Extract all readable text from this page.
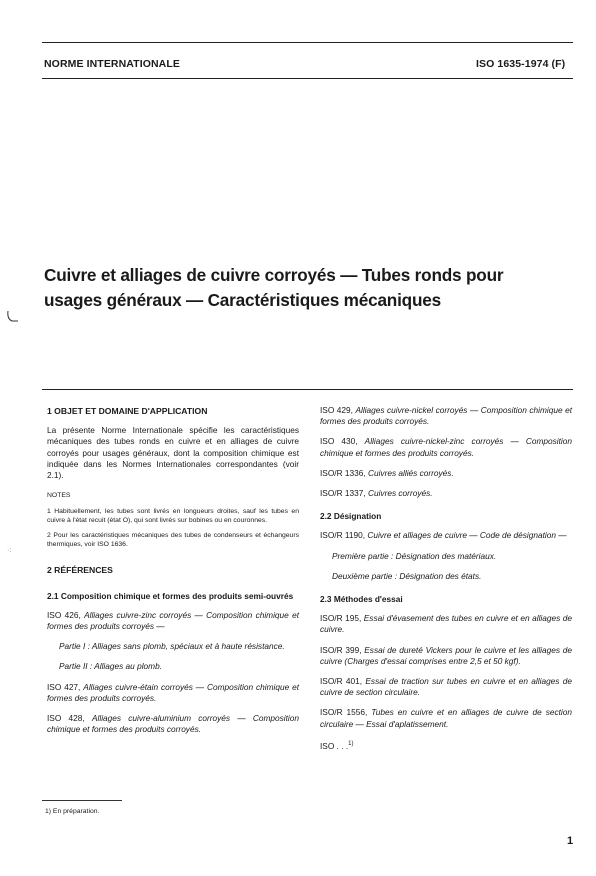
NORME INTERNATIONALE	ISO 1635-1974 (F)
Cuivre et alliages de cuivre corroyés — Tubes ronds pour
usages généraux — Caractéristiques mécaniques
·:
1 OBJET ET DOMAINE D'APPLICATION

La présente Norme Internationale spécifie les caractéristiques mécaniques des tubes ronds en cuivre et en alliages de cuivre corroyés pour usages généraux, dont la composition chimique est indiquée dans les Normes Internationales correspondantes (voir 2.1).

NOTES

1 Habituellement, les tubes sont livrés en longueurs droites, sauf les tubes en cuivre à l'état recuit (état O), qui sont livrés sur bobines ou en couronnes.

2 Pour les caractéristiques mécaniques des tubes de condenseurs et échangeurs thermiques, voir ISO 1636.

2 RÉFÉRENCES
2.1 Composition chimique et formes des produits semi-ouvrés

ISO 426, Alliages cuivre-zinc corroyés — Composition chimique et formes des produits corroyés —

Partie I : Alliages sans plomb, spéciaux et à haute résistance.

Partie II : Alliages au plomb.

ISO 427, Alliages cuivre-étain corroyés — Composition chimique et formes des produits corroyés.

ISO 428, Alliages cuivre-aluminium corroyés — Composition chimique et formes des produits corroyés.

ISO 429, Alliages cuivre-nickel corroyés — Composition chimique et formes des produits corroyés.

ISO 430, Alliages cuivre-nickel-zinc corroyés — Composition chimique et formes des produits corroyés.

ISO/R 1336, Cuivres alliés corroyés.

ISO/R 1337, Cuivres corroyés.

2.2 Désignation

ISO/R 1190, Cuivre et alliages de cuivre — Code de désignation —

Première partie : Désignation des matériaux.

Deuxième partie : Désignation des états.

2.3 Méthodes d'essai

ISO/R 195, Essai d'évasement des tubes en cuivre et en alliages de cuivre.

ISO/R 399, Essai de dureté Vickers pour le cuivre et les alliages de cuivre (Charges d'essai comprises entre 2,5 et 50 kgf).

ISO/R 401, Essai de traction sur tubes en cuivre et en alliages de cuivre de section circulaire.

ISO/R 1556, Tubes en cuivre et en alliages de cuivre de section circulaire — Essai d'aplatissement.

ISO . . .$^{1)}$

1) En préparation.
1
